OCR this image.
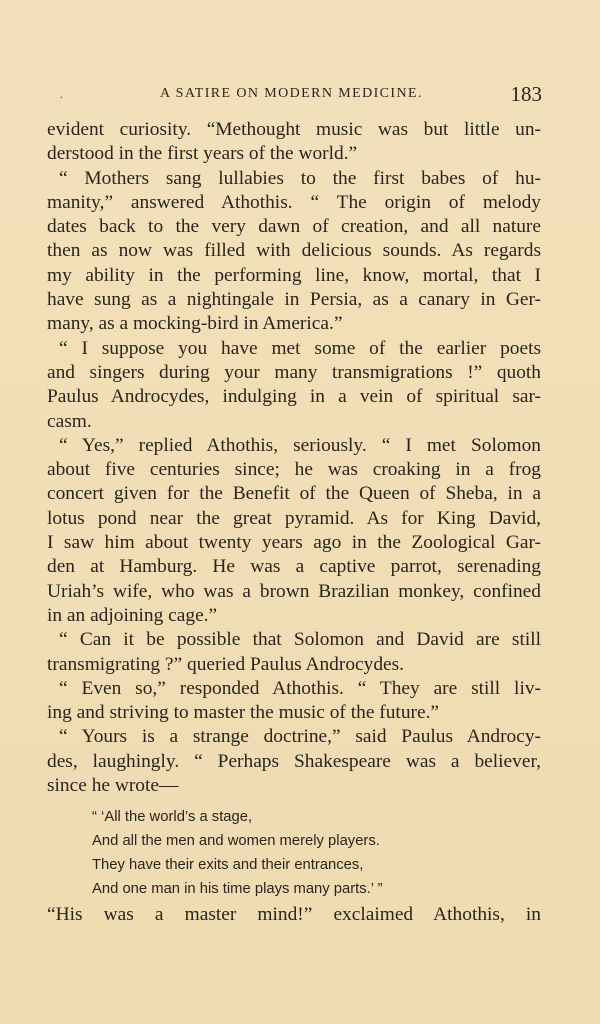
.	A SATIRE ON MODERN MEDICINE.	183
evident curiosity. “Methought music was but little un-
derstood in the first years of the world.”
“ Mothers sang lullabies to the first babes of hu-
manity,” answered Athothis. “ The origin of melody
dates back to the very dawn of creation, and all nature
then as now was filled with delicious sounds. As regards
my ability in the performing line, know, mortal, that I
have sung as a nightingale in Persia, as a canary in Ger-
many, as a mocking-bird in America.”
“ I suppose you have met some of the earlier poets
and singers during your many transmigrations !” quoth
Paulus Androcydes, indulging in a vein of spiritual sar-
casm.
“ Yes,” replied Athothis, seriously. “ I met Solomon
about five centuries since; he was croaking in a frog
concert given for the Benefit of the Queen of Sheba, in a
lotus pond near the great pyramid. As for King David,
I saw him about twenty years ago in the Zoological Gar-
den at Hamburg. He was a captive parrot, serenading
Uriah’s wife, who was a brown Brazilian monkey, confined
in an adjoining cage.”
“ Can it be possible that Solomon and David are still
transmigrating ?” queried Paulus Androcydes.
“ Even so,” responded Athothis. “ They are still liv-
ing and striving to master the music of the future.”
“ Yours is a strange doctrine,” said Paulus Androcy-
des, laughingly. “ Perhaps Shakespeare was a believer,
since he wrote—
“ ‘All the world’s a stage,
And all the men and women merely players.
They have their exits and their entrances,
And one man in his time plays many parts.’ ”
“His was a master mind!” exclaimed Athothis, in
